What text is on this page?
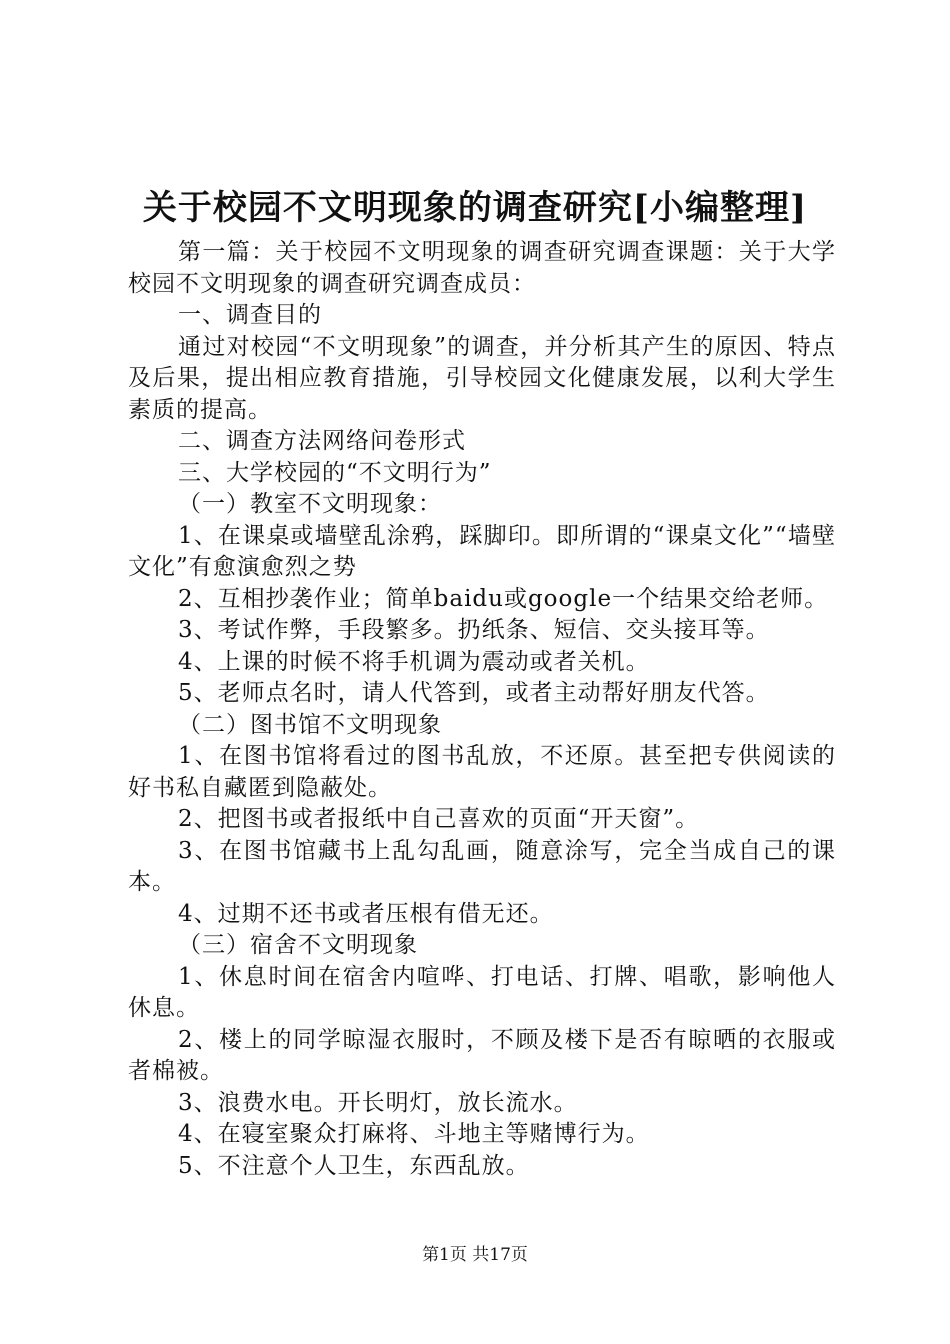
关于校园不文明现象的调查研究[小编整理]

第一篇：关于校园不文明现象的调查研究调查课题：关于大学校园不文明现象的调查研究调查成员：

一、调查目的

通过对校园“不文明现象”的调查，并分析其产生的原因、特点及后果，提出相应教育措施，引导校园文化健康发展，以利大学生素质的提高。

二、调查方法网络问卷形式

三、大学校园的“不文明行为”

（一）教室不文明现象：

1、在课桌或墙壁乱涂鸦，踩脚印。即所谓的“课桌文化”“墙壁文化”有愈演愈烈之势

2、互相抄袭作业；简单baidu或google一个结果交给老师。

3、考试作弊，手段繁多。扔纸条、短信、交头接耳等。

4、上课的时候不将手机调为震动或者关机。

5、老师点名时，请人代答到，或者主动帮好朋友代答。

（二）图书馆不文明现象

1、在图书馆将看过的图书乱放，不还原。甚至把专供阅读的好书私自藏匿到隐蔽处。

2、把图书或者报纸中自己喜欢的页面“开天窗”。

3、在图书馆藏书上乱勾乱画，随意涂写，完全当成自己的课本。

4、过期不还书或者压根有借无还。

（三）宿舍不文明现象

1、休息时间在宿舍内喧哗、打电话、打牌、唱歌，影响他人休息。

2、楼上的同学晾湿衣服时，不顾及楼下是否有晾晒的衣服或者棉被。

3、浪费水电。开长明灯，放长流水。

4、在寝室聚众打麻将、斗地主等赌博行为。

5、不注意个人卫生，东西乱放。

第1页 共17页
